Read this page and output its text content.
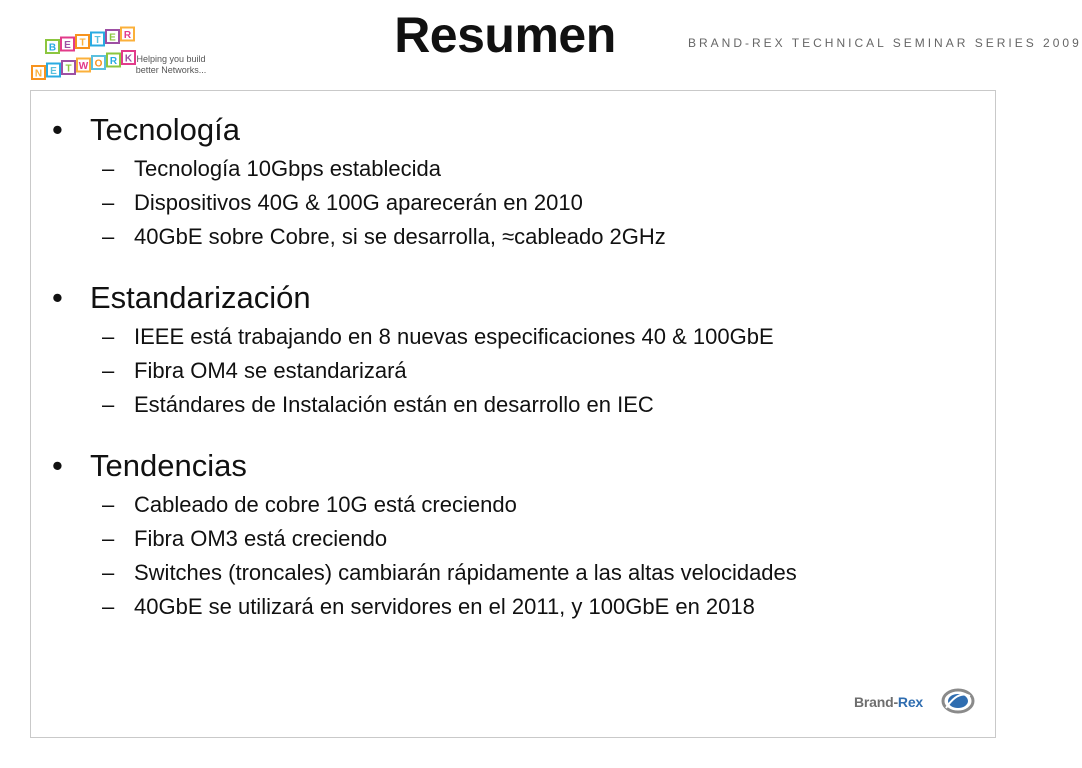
B E T T E R
N E T W O R K Helping you build better Networks...
Resumen	BRAND-REX TECHNICAL SEMINAR SERIES 2009
• Tecnología
– Tecnología 10Gbps establecida
– Dispositivos 40G & 100G aparecerán en 2010
– 40GbE sobre Cobre, si se desarrolla, ≈cableado 2GHz
• Estandarización
– IEEE está trabajando en 8 nuevas especificaciones 40 & 100GbE
– Fibra OM4 se estandarizará
– Estándares de Instalación están en desarrollo en IEC
• Tendencias
– Cableado de cobre 10G está creciendo
– Fibra OM3 está creciendo
– Switches (troncales) cambiarán rápidamente a las altas velocidades
– 40GbE se utilizará en servidores en el 2011, y 100GbE en 2018
Brand-Rex
